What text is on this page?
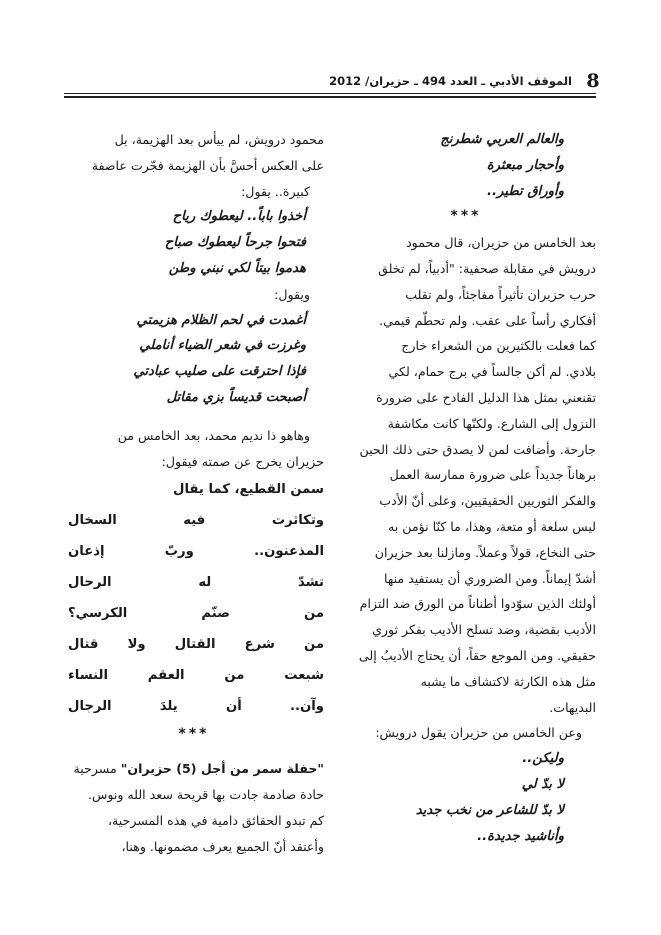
8
الموقف الأدبي ـ العدد 494 ـ حزيران/ 2012
والعالم العربي شطرنج
وأحجار مبعثرة
وأوراق تطير..
***
بعد الخامس من حزيران، قال محمود
درويش في مقابلة صحفية: "أدبياً، لم تخلق
حرب حزيران تأثيراً مفاجئاً، ولم تقلب
أفكاري رأساً على عقب. ولم تحطّم قيمي.
كما فعلت بالكثيرين من الشعراء خارج
بلادي. لم أكن جالساً في برج حمام، لكي
تقنعني بمثل هذا الدليل الفادح على ضرورة
النزول إلى الشارع. ولكنّها كانت مكاشفة
جارحة. وأضافت لمن لا يصدق حتى ذلك الحين
برهاناً جديداً على ضرورة ممارسة العمل
والفكر الثوريين الحقيقيين، وعلى أنّ الأدب
ليس سلعة أو متعة، وهذا، ما كنّا نؤمن به
حتى النخاع، قولاً وعملاً. ومازلنا بعد حزيران
أشدّ إيماناً. ومن الضروري أن يستفيد منها
أولئك الذين سوّدوا أطناناً من الورق ضد التزام
الأديب بقضية، وضد تسلح الأديب بفكر ثوري
حقيقي. ومن الموجع حقاً، أن يحتاج الأديبُ إلى
مثل هذه الكارثة لاكتشاف ما يشبه
البديهات.
وعن الخامس من حزيران يقول درويش:
وليكن..
لا بدّ لي
لا بدّ للشاعر من نخب جديد
وأناشيد جديدة..
محمود درويش، لم ييأس بعد الهزيمة، بل
على العكس أحسَّ بأن الهزيمة فجّرت عاصفة
كبيرة.. يقول:
أخذوا باباً.. ليعطوك رياح
فتحوا جرحاً ليعطوك صباح
هدموا بيتاً لكي نبني وطن
ويقول:
أغمدت في لحم الظلام هزيمتي
وغرزت في شعر الضياء أناملي
فإذا احترقت على صليب عبادتي
أصبحت قديساً بزي مقاتل
وهاهو ذا نديم محمد، بعد الخامس من
حزيران يخرج عن صمته فيقول:
سمن القطيع، كما يقال
وتكاثرت فيه السخال
المذعنون.. وربّ إذعان
تشدّ له الرحال
من صنّم الكرسي؟
من شرع القتال ولا قتال
شبعت من العقم النساء
وآن.. أن يلدَ الرجال
***
"حفلة سمر من أجل (5) حزيران" مسرحية
حادة صادمة جادت بها قريحة سعد الله ونوس.
كم تبدو الحقائق دامية في هذه المسرحية،
وأعتقد أنّ الجميع يعرف مضمونها. وهنا،
